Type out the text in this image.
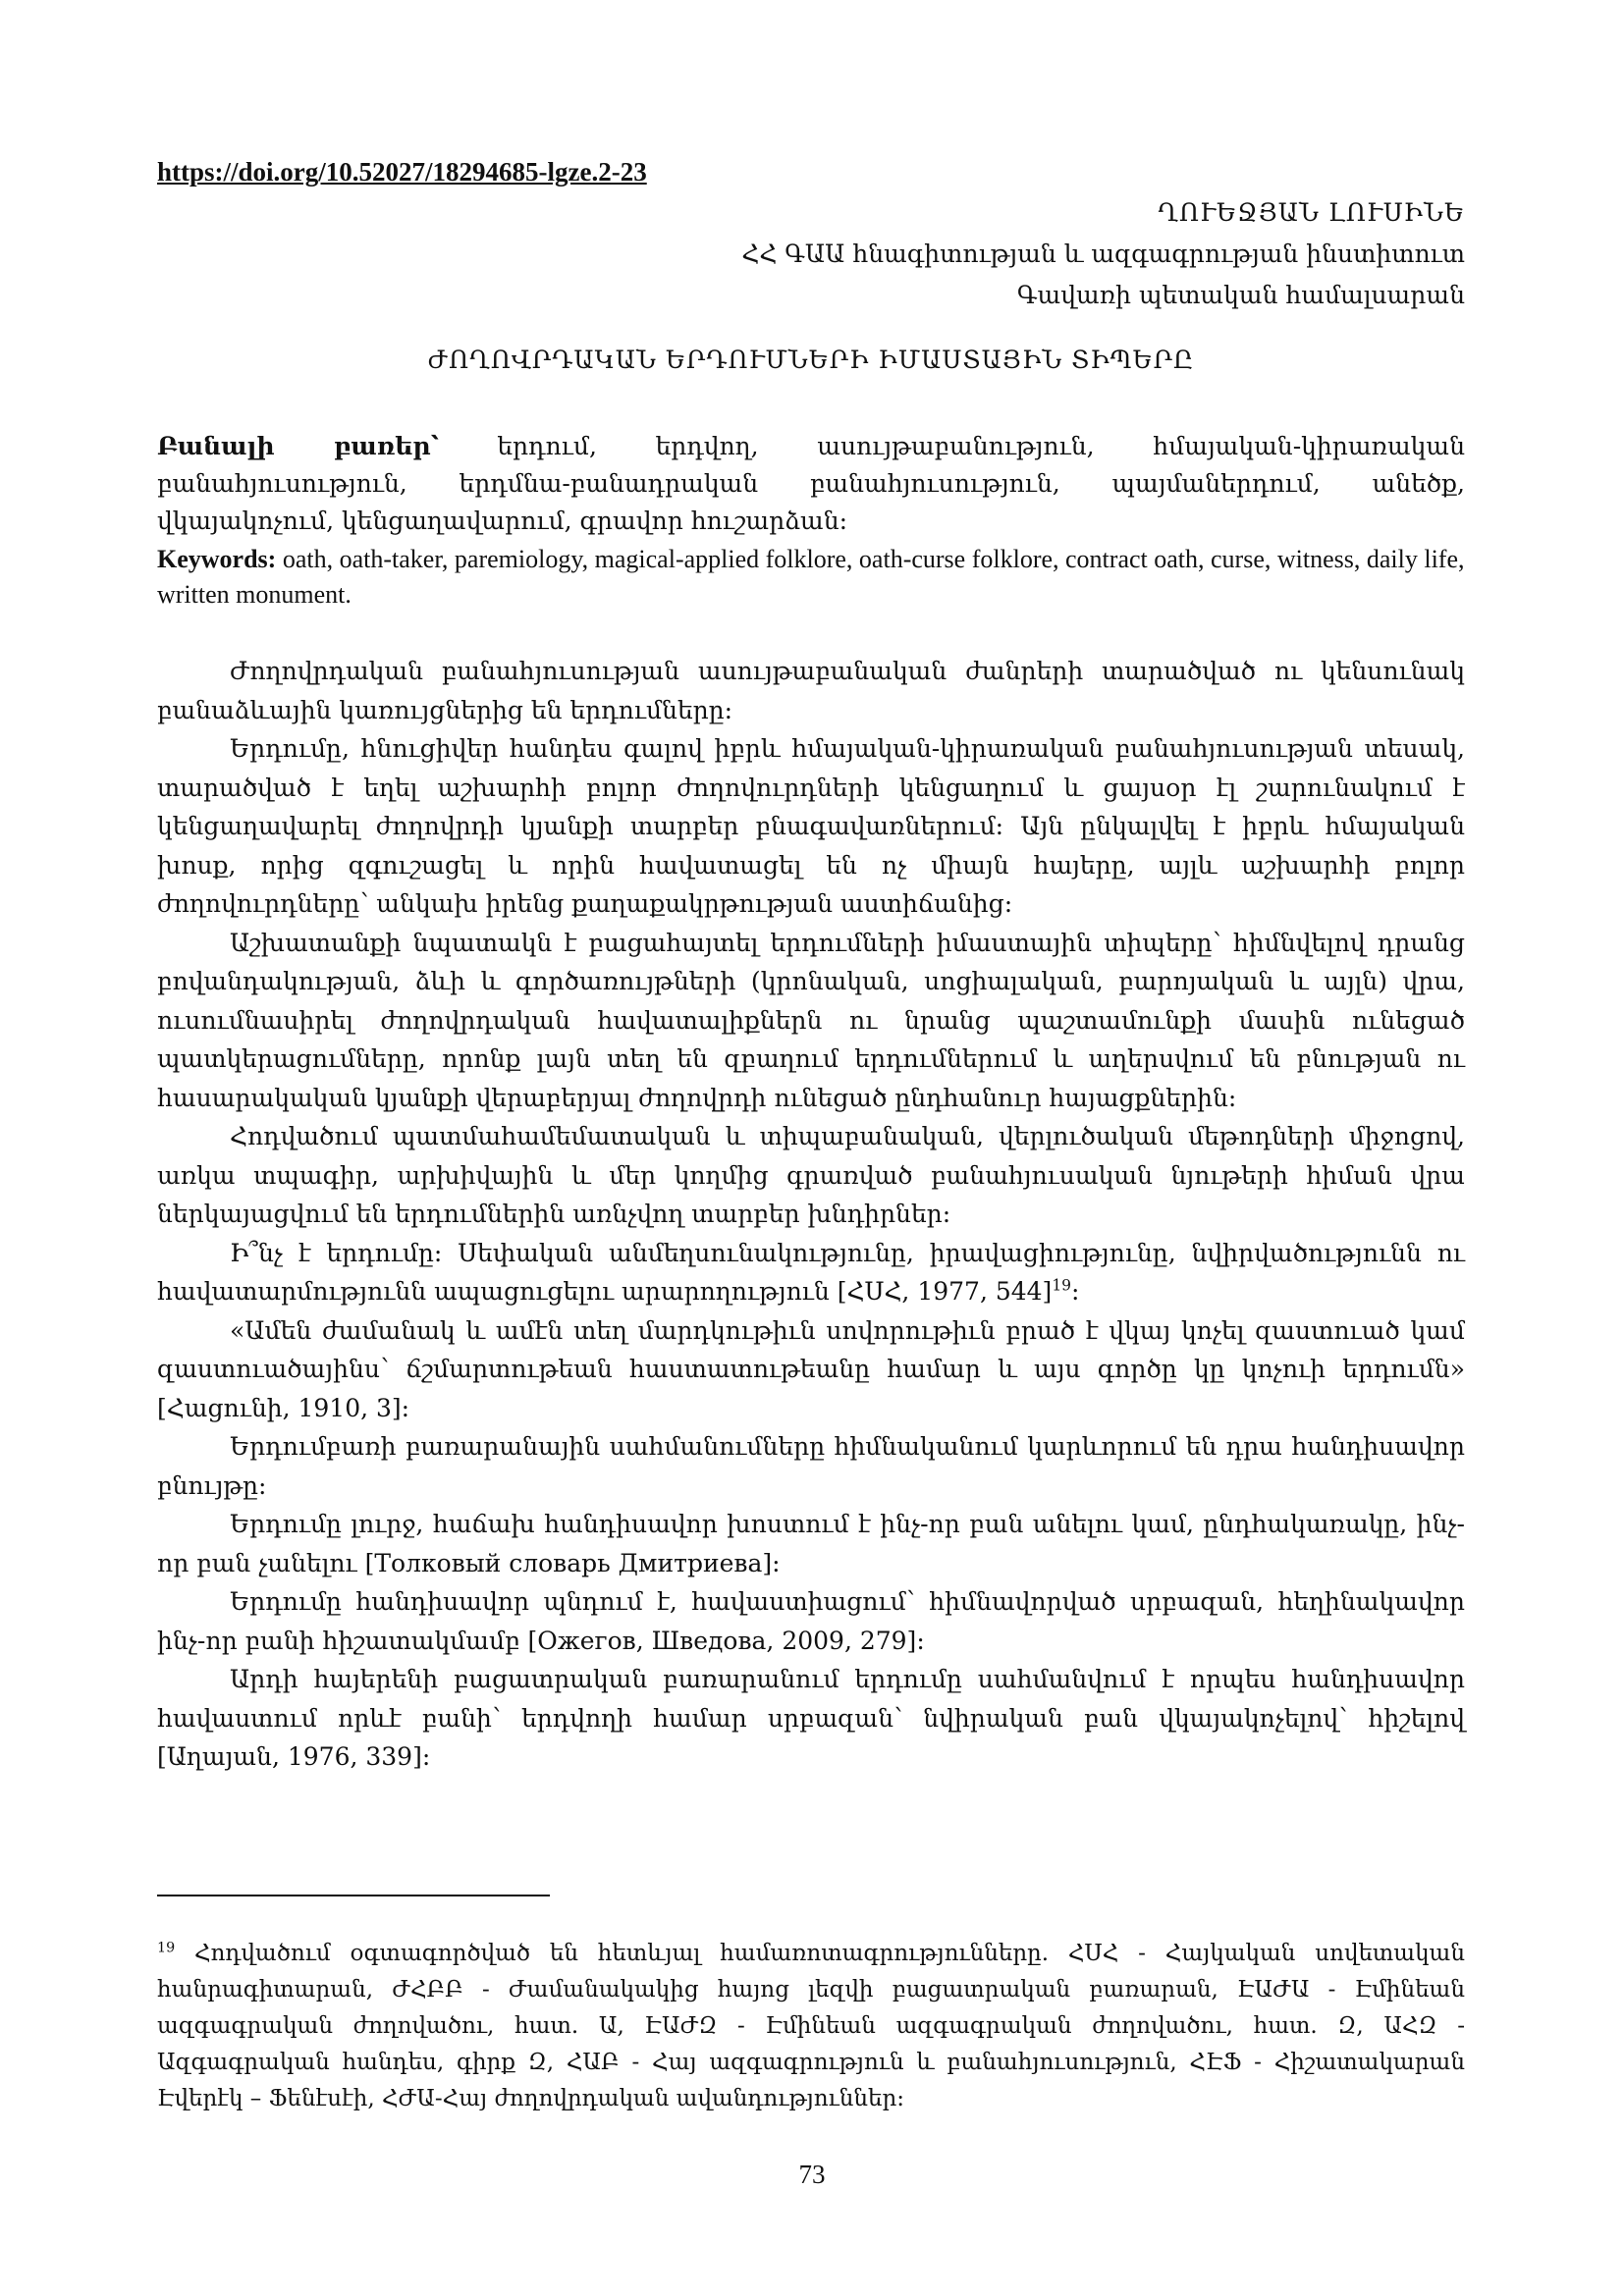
https://doi.org/10.52027/18294685-lgze.2-23
ՂՈՒԵՋՅԱՆ ԼՈՒՍԻՆԵ
ՀՀ ԳԱԱ հնագիտության և ազգագրության ինստիտուտ
Գավառի պետական համալսարան
ԺՈՂՈՎՐԴԱԿԱՆ ԵՐԴՈՒՄՆԵՐԻ ԻՄԱՍՏԱՅԻՆ ՏԻՊԵՐԸ
Բանալի բառեր՝ երդում, երդվող, ասույթաբանություն, հմայական-կիրառական բանահյուսություն, երդմնա-բանադրական բանահյուսություն, պայմաներդում, անեծք, վկայակոչում, կենցաղավարում, գրավոր հուշարձան:
Keywords: oath, oath-taker, paremiology, magical-applied folklore, oath-curse folklore, contract oath, curse, witness, daily life, written monument.

Ժողովրդական բանահյուսության ասույթաբանական ժանրերի տարածված ու կենսունակ բանաձևային կառույցներից են երդումները:

Երդումը, հնուցիվեր հանդես գալով իբրև հմայական-կիրառական բանահյուսության տեսակ, տարածված է եղել աշխարհի բոլոր ժողովուրդների կենցաղում և ցայսօր էլ շարունակում է կենցաղավարել ժողովրդի կյանքի տարբեր բնագավառներում: Այն ընկալվել է իբրև հմայական խոսք, որից զգուշացել և որին հավատացել են ոչ միայն հայերը, այլև աշխարհի բոլոր ժողովուրդները՝ անկախ իրենց քաղաքակրթության աստիճանից:

Աշխատանքի նպատակն է բացահայտել երդումների իմաստային տիպերը՝ հիմնվելով դրանց բովանդակության, ձևի և գործառույթների (կրոնական, սոցիալական, բարոյական և այլն) վրա, ուսումնասիրել ժողովրդական հավատալիքներն ու նրանց պաշտամունքի մասին ունեցած պատկերացումները, որոնք լայն տեղ են զբաղում երդումներում և աղերսվում են բնության ու հասարակական կյանքի վերաբերյալ ժողովրդի ունեցած ընդհանուր հայացքներին:

Հոդվածում պատմահամեմատական և տիպաբանական, վերլուծական մեթոդների միջոցով, առկա տպագիր, արխիվային և մեր կողմից գրառված բանահյուսական նյութերի հիման վրա ներկայացվում են երդումներին առնչվող տարբեր խնդիրներ:

Ի՞նչ է երդումը: Սեփական անմեղսունակությունը, իրավացիությունը, նվիրվածությունն ու հավատարմությունն ապացուցելու արարողություն [ՀՍՀ, 1977, 544]$^{19}$:

«Ամեն ժամանակ և ամէն տեղ մարդկութիւն սովորութիւն բրած է վկայ կոչել զաստուած կամ զաստուածայինս՝ ճշմարտութեան հաստատութեանը համար և այս գործը կը կոչուի երդումն» [Հացունի, 1910, 3]:

Երդումբառի բառարանային սահմանումները հիմնականում կարևորում են դրա հանդիսավոր բնույթը:

Երդումը լուրջ, հաճախ հանդիսավոր խոստում է ինչ-որ բան անելու կամ, ընդհակառակը, ինչ-որ բան չանելու [Толковый словарь Дмитриева]:

Երդումը հանդիսավոր պնդում է, հավաստիացում՝ հիմնավորված սրբազան, հեղինակավոր ինչ-որ բանի հիշատակմամբ [Ожегов, Шведова, 2009, 279]:

Արդի հայերենի բացատրական բառարանում երդումը սահմանվում է որպես հանդիսավոր հավաստում որևէ բանի՝ երդվողի համար սրբազան՝ նվիրական բան վկայակոչելով՝ հիշելով [Աղայան, 1976, 339]:

$^{19}$ Հոդվածում օգտագործված են հետևյալ համառոտագրությունները. ՀՍՀ - Հայկական սովետական հանրագիտարան, ԺՀԲԲ - Ժամանակակից հայոց լեզվի բացատրական բառարան, ԷԱԺԱ - Էմինեան ազգագրական ժողովածու, հատ. Ա, ԷԱԺԶ - Էմինեան ազգագրական ժողովածու, հատ. Զ, ԱՀԶ - Ազգագրական հանդես, գիրք Զ, ՀԱԲ - Հայ ազգագրություն և բանահյուսություն, ՀԷՖ - Հիշատակարան Էվերէկ – Ֆենէսէի, ՀԺԱ-Հայ ժողովրդական ավանդություններ:
73
